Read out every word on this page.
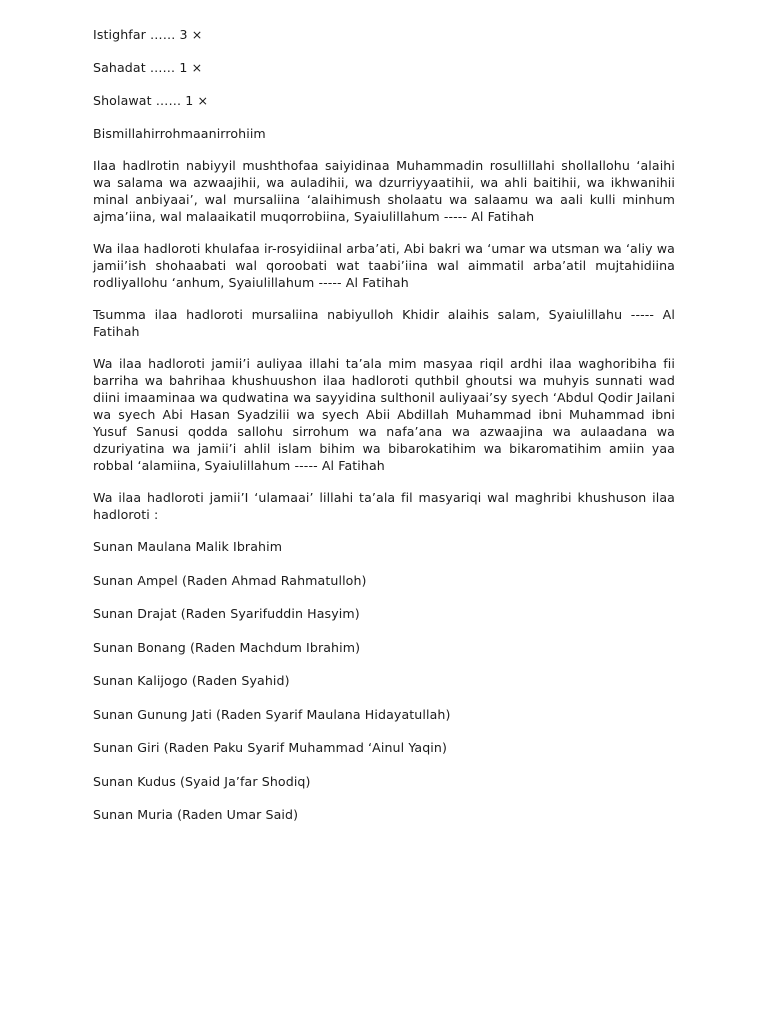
Istighfar …… 3 ×

Sahadat …… 1 ×

Sholawat …… 1 ×

Bismillahirrohmaanirrohiim

Ilaa hadlrotin nabiyyil mushthofaa saiyidinaa Muhammadin rosullillahi shollallohu ‘alaihi wa salama wa azwaajihii, wa auladihii, wa dzurriyyaatihii, wa ahli baitihii, wa ikhwanihii minal anbiyaai’, wal mursaliina ‘alaihimush sholaatu wa salaamu wa aali kulli minhum ajma’iina, wal malaaikatil muqorrobiina, Syaiulillahum ----- Al Fatihah

Wa ilaa hadloroti khulafaa ir-rosyidiinal arba’ati, Abi bakri wa ‘umar wa utsman wa ‘aliy wa jamii’ish shohaabati wal qoroobati wat taabi’iina wal aimmatil arba’atil mujtahidiina rodliyallohu ‘anhum, Syaiulillahum ----- Al Fatihah

Tsumma ilaa hadloroti mursaliina nabiyulloh Khidir alaihis salam, Syaiulillahu ----- Al Fatihah

Wa ilaa hadloroti jamii’i auliyaa illahi ta’ala mim masyaa riqil ardhi ilaa waghoribiha fii barriha wa bahrihaa khushuushon ilaa hadloroti quthbil ghoutsi wa muhyis sunnati wad diini imaaminaa wa qudwatina wa sayyidina sulthonil auliyaai’sy syech ‘Abdul Qodir Jailani wa syech Abi Hasan Syadzilii wa syech Abii Abdillah Muhammad ibni Muhammad ibni Yusuf Sanusi qodda sallohu sirrohum wa nafa’ana wa azwaajina wa aulaadana wa dzuriyatina wa jamii’i ahlil islam bihim wa bibarokatihim wa bikaromatihim amiin yaa robbal ‘alamiina, Syaiulillahum ----- Al Fatihah

Wa ilaa hadloroti jamii’I ‘ulamaai’ lillahi ta’ala fil masyariqi wal maghribi khushuson ilaa hadloroti :

Sunan Maulana Malik Ibrahim

Sunan Ampel (Raden Ahmad Rahmatulloh)

Sunan Drajat (Raden Syarifuddin Hasyim)

Sunan Bonang (Raden Machdum Ibrahim)

Sunan Kalijogo (Raden Syahid)

Sunan Gunung Jati (Raden Syarif Maulana Hidayatullah)

Sunan Giri (Raden Paku Syarif Muhammad ‘Ainul Yaqin)

Sunan Kudus (Syaid Ja’far Shodiq)

Sunan Muria (Raden Umar Said)
